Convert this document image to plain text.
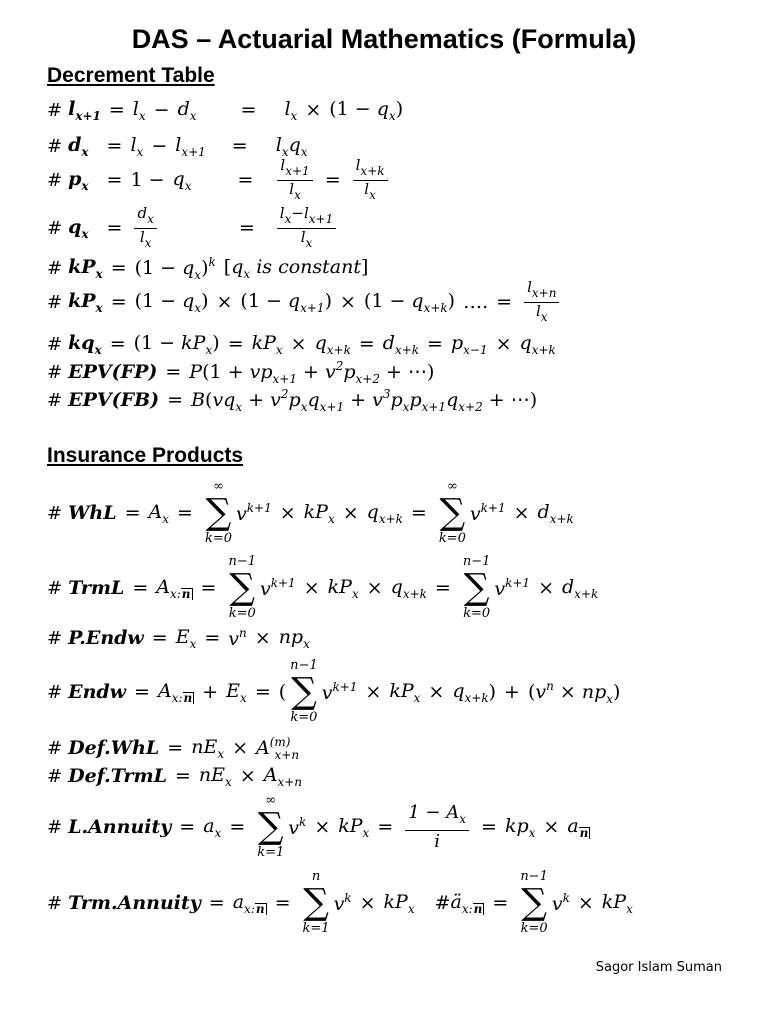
DAS – Actuarial Mathematics (Formula)
Decrement Table
# $l_{x+1} = l_x - d_x = l_x \times (1 - q_x)$
# $d_x = l_x - l_{x+1} = l_xq_x$
# $p_x = 1 - q_x = \frac{l_{x+1}}{l_x} = \frac{l_{x+k}}{l_x}$
# $q_x = \frac{d_x}{l_x}$	= $\frac{l_x-l_{x+1}}{l_x}$
# $kP_x = (1 - q_x)^k$ [$q_x$ is constant]
# $kP_x = (1 - q_x) \times (1 - q_{x+1}) \times (1 - q_{x+k})$ …. = $\frac{l_{x+n}}{l_x}$
# $kq_x = (1 - kP_x) = kP_x \times q_{x+k} = d_{x+k} = p_{x-1} \times q_{x+k}$
# EPV(FP) = P ($1 + vp_{x+1} + v^2p_{x+2}$ + ⋯)
# EPV(FB) = B ($vq_x + v^2p_xq_{x+1} + v^3p_xp_{x+1}q_{x+2}$ + ⋯)
Insurance Products
# WhL = $A_x$ =
∞
∑
k=0
$v^{k+1} \times kP_x \times q_{x+k}$ =
∞
∑
k=0
$v^{k+1} \times d_{x+k}$
# TrmL = $A_{x:n}$ =
n−1
∑
k=0
$v^{k+1} \times kP_x \times q_{x+k}$ =
n−1
∑
k=0
$v^{k+1} \times d_{x+k}$
# P.Endw = $E_x = v^n \times np_x$
# Endw = $A_{x:n} + E_x$ = (
n−1
∑
k=0
$v^{k+1} \times kP_x \times q_{x+k}$ ) + $(v^n \times np_x)$
# $Def.WhL = nE_x \times A^{(m)}_{x+n}$
# Def.TrmL = $nE_x \times A_{x+n}$
# L.Annuity = $a_x$ =
∞
∑
k=1
$v^k \times kP_x = \frac{1 - A_x}{i} = kp_x \times a_n$
# Trm.Annuity = $a_{x:n}$ =
n
∑
k=1
$v^k \times kP_x$ # $ä_{x:n}$ =
n−1
∑
k=0
$v^k \times kP_x$
Sagor Islam Suman
